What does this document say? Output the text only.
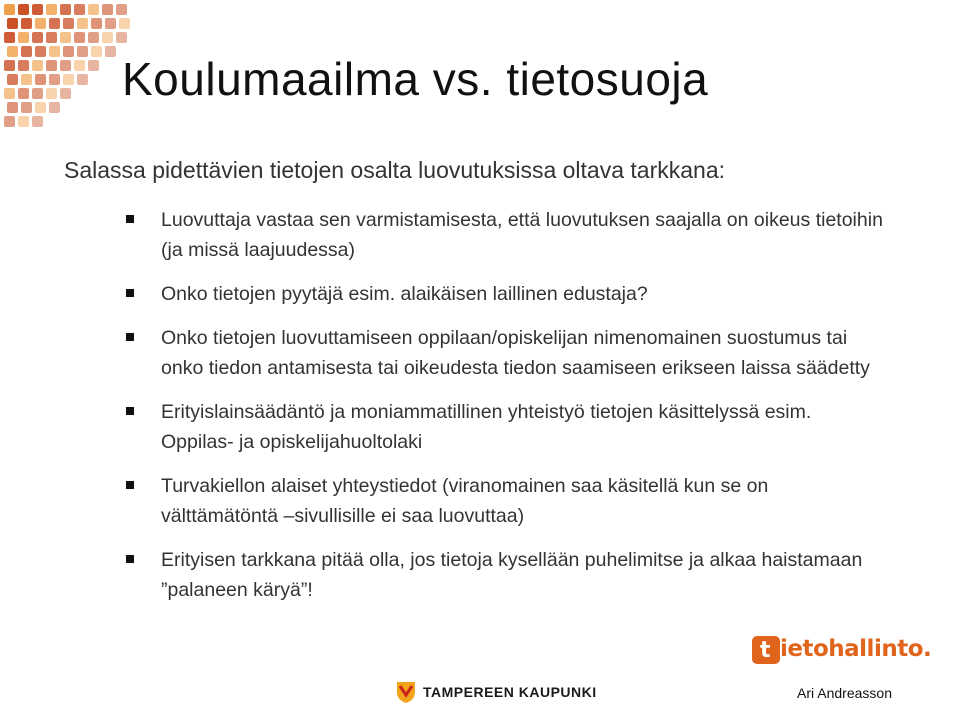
Koulumaailma vs. tietosuoja
Salassa pidettävien tietojen osalta luovutuksissa oltava tarkkana:
Luovuttaja vastaa sen varmistamisesta, että luovutuksen saajalla on oikeus tietoihin (ja missä laajuudessa)
Onko tietojen pyytäjä esim. alaikäisen laillinen edustaja?
Onko tietojen luovuttamiseen oppilaan/opiskelijan nimenomainen suostumus tai onko tiedon antamisesta tai oikeudesta tiedon saamiseen erikseen laissa säädetty
Erityislainsäädäntö ja moniammatillinen yhteistyö tietojen käsittelyssä esim. Oppilas- ja opiskelijahuoltolaki
Turvakiellon alaiset yhteystiedot (viranomainen saa käsitellä kun se on välttämätöntä –sivullisille ei saa luovuttaa)
Erityisen tarkkana pitää olla, jos tietoja kysellään puhelimitse ja alkaa haistamaan ”palaneen käryä”!
t ietohallinto.
TAMPEREEN KAUPUNKI	Ari Andreasson
